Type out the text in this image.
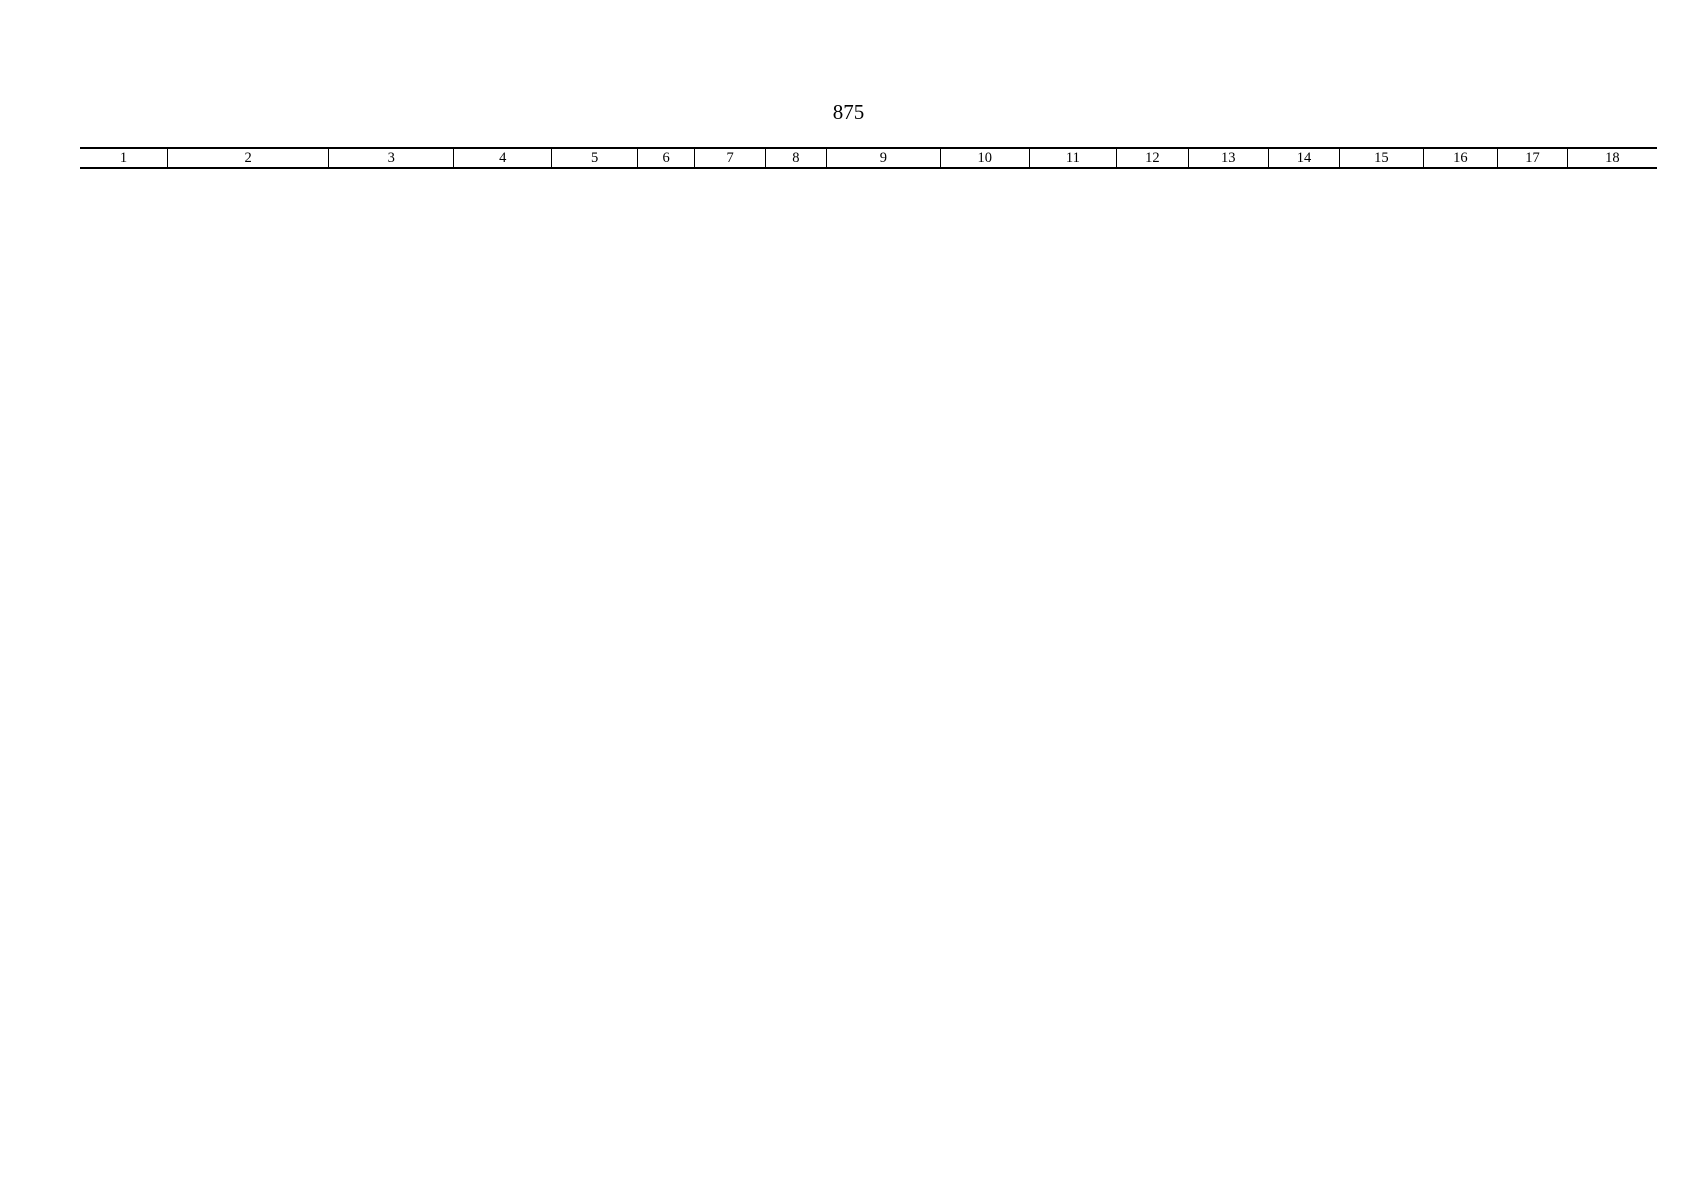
875
1	2	3	4	5	6	7	8	9	10	11	12	13	14	15	16	17	18
